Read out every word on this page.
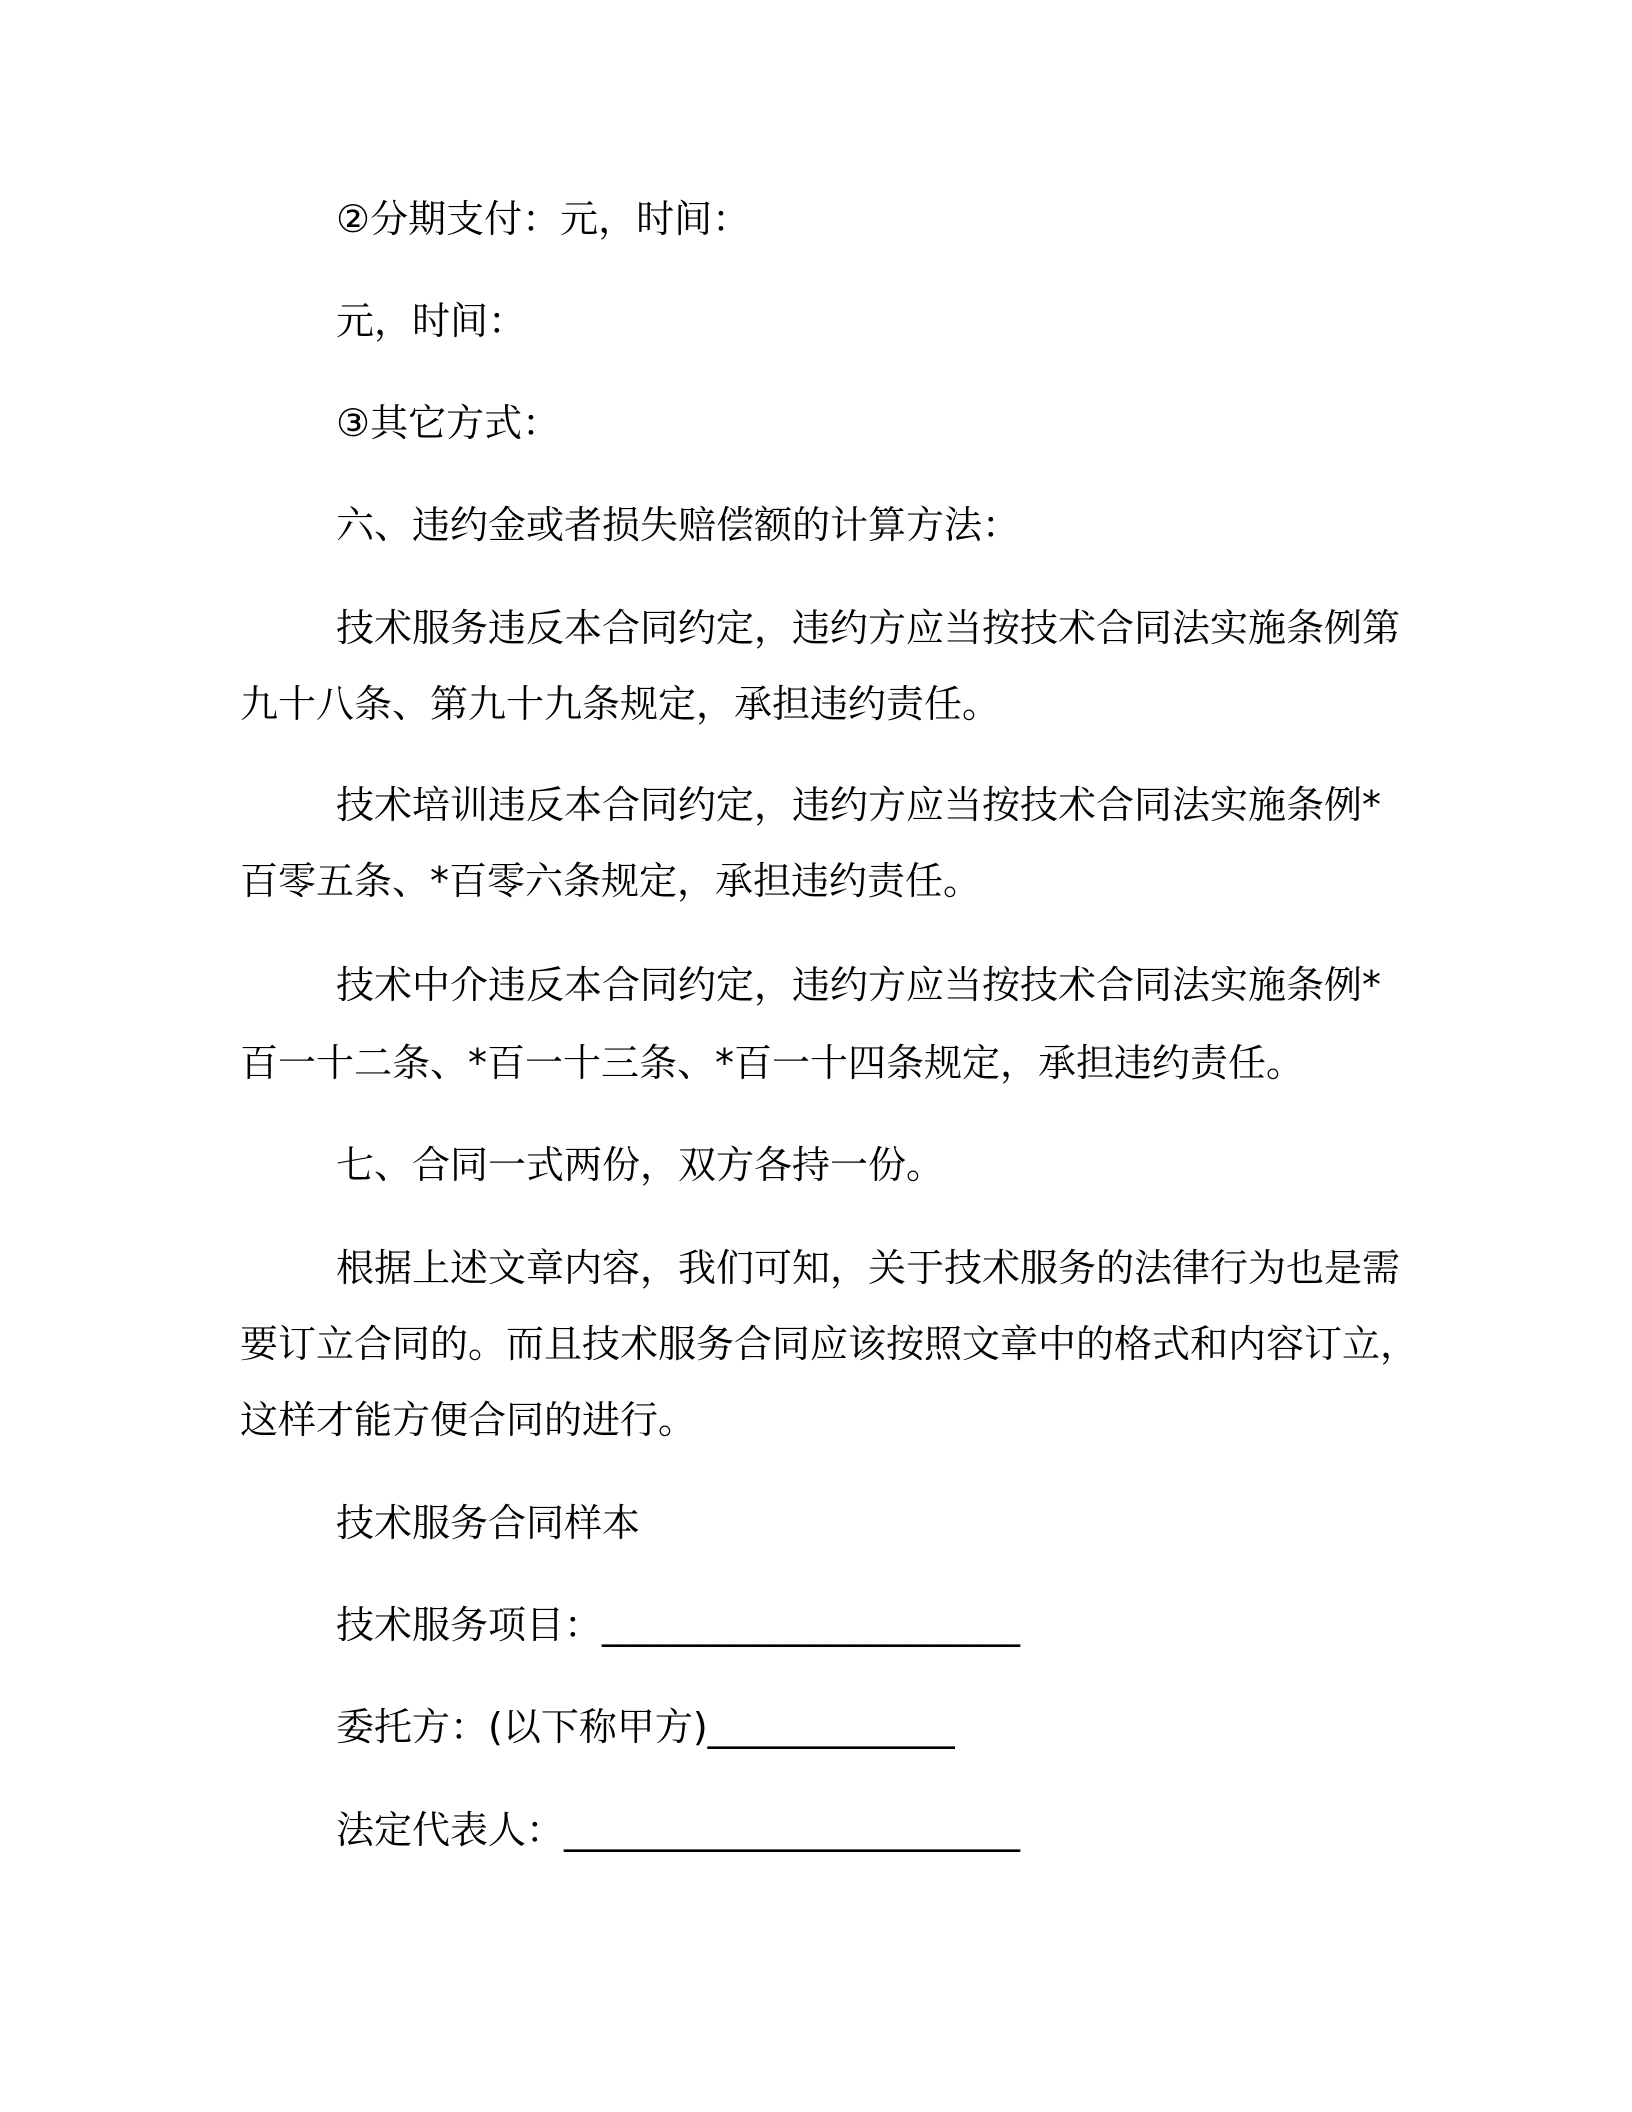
②分期支付：元，时间：
元，时间：
③其它方式：
六、违约金或者损失赔偿额的计算方法：
技术服务违反本合同约定，违约方应当按技术合同法实施条例第
九十八条、第九十九条规定，承担违约责任。
技术培训违反本合同约定，违约方应当按技术合同法实施条例*
百零五条、*百零六条规定，承担违约责任。
技术中介违反本合同约定，违约方应当按技术合同法实施条例*
百一十二条、*百一十三条、*百一十四条规定，承担违约责任。
七、合同一式两份，双方各持一份。
根据上述文章内容，我们可知，关于技术服务的法律行为也是需
要订立合同的。而且技术服务合同应该按照文章中的格式和内容订立，
这样才能方便合同的进行。
技术服务合同样本
技术服务项目：______________________
委托方：(以下称甲方)_____________
法定代表人：________________________
